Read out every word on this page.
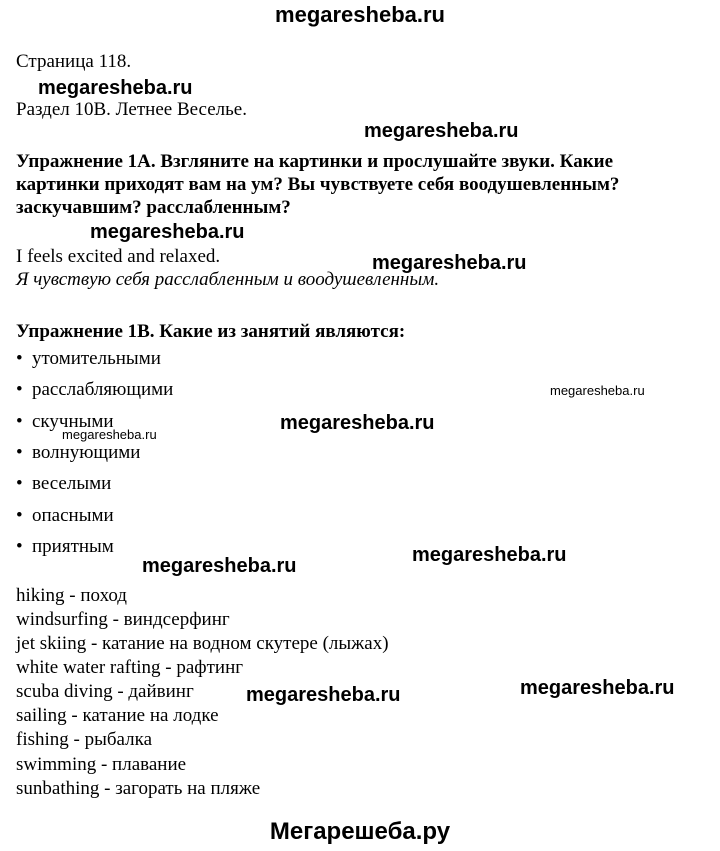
megaresheba.ru
Страница 118.
Раздел 10В. Летнее Веселье.
Упражнение 1А. Взгляните на картинки и прослушайте звуки. Какие
картинки приходят вам на ум? Вы чувствуете себя воодушевленным?
заскучавшим? расслабленным?
I feels excited and relaxed.
Я чувствую себя расслабленным и воодушевленным.
Упражнение 1B. Какие из занятий являются:
• утомительными
• расслабляющими
• скучными
• волнующими
• веселыми
• опасными
• приятным
hiking - поход
windsurfing - виндсерфинг
jet skiing - катание на водном скутере (лыжах)
white water rafting - рафтинг
scuba diving - дайвинг
sailing - катание на лодке
fishing - рыбалка
swimming - плавание
sunbathing - загорать на пляже
megaresheba.ru
megaresheba.ru
megaresheba.ru
megaresheba.ru
megaresheba.ru
megaresheba.ru
megaresheba.ru
megaresheba.ru	megaresheba.ru
megaresheba.ru	megaresheba.ru
Мегарешеба.ру
